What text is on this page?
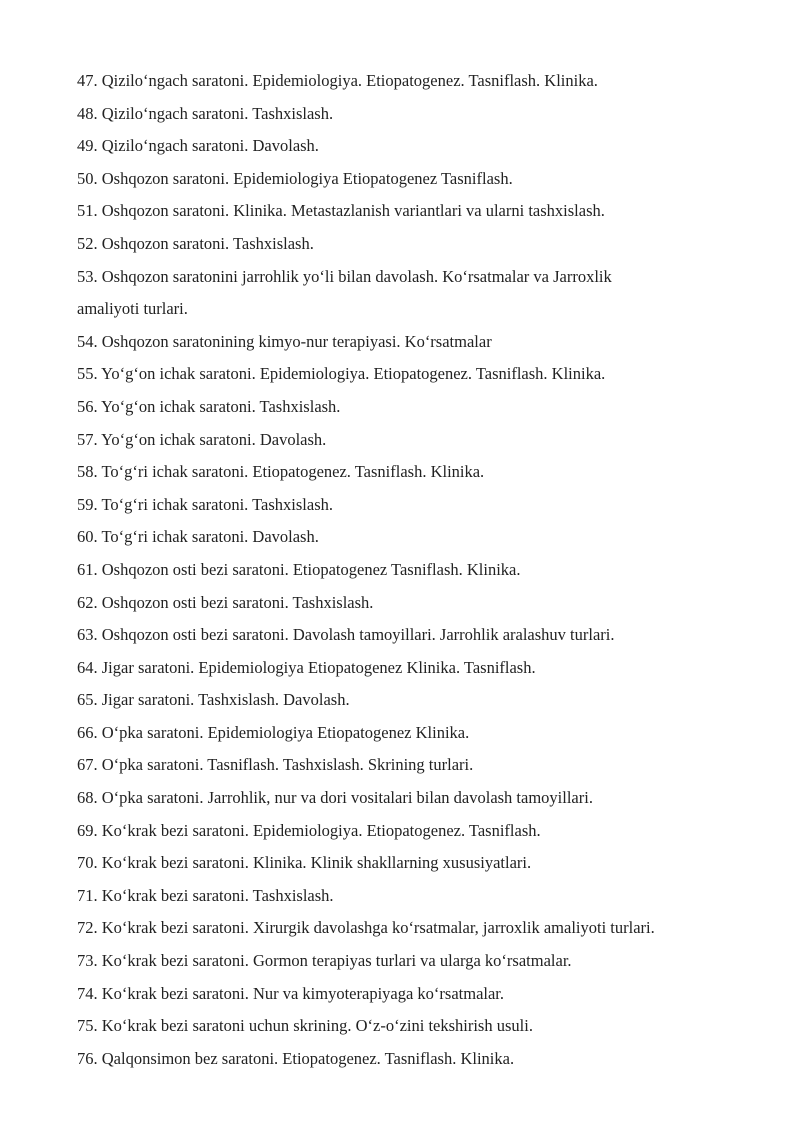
47. Qizilo‘ngach saratoni. Epidemiologiya. Etiopatogenez. Tasniflash. Klinika.
48. Qizilo‘ngach saratoni. Tashxislash.
49. Qizilo‘ngach saratoni. Davolash.
50. Oshqozon saratoni. Epidemiologiya Etiopatogenez Tasniflash.
51. Oshqozon saratoni. Klinika. Metastazlanish variantlari va ularni tashxislash.
52. Oshqozon saratoni. Tashxislash.
53. Oshqozon saratonini jarrohlik yo‘li bilan davolash. Ko‘rsatmalar va Jarroxlik
amaliyoti turlari.
54. Oshqozon saratonining kimyo-nur terapiyasi. Ko‘rsatmalar
55. Yo‘g‘on ichak saratoni. Epidemiologiya. Etiopatogenez. Tasniflash. Klinika.
56. Yo‘g‘on ichak saratoni. Tashxislash.
57. Yo‘g‘on ichak saratoni. Davolash.
58. To‘g‘ri ichak saratoni. Etiopatogenez. Tasniflash. Klinika.
59. To‘g‘ri ichak saratoni. Tashxislash.
60. To‘g‘ri ichak saratoni. Davolash.
61. Oshqozon osti bezi saratoni. Etiopatogenez Tasniflash. Klinika.
62. Oshqozon osti bezi saratoni. Tashxislash.
63. Oshqozon osti bezi saratoni. Davolash tamoyillari. Jarrohlik aralashuv turlari.
64. Jigar saratoni. Epidemiologiya Etiopatogenez Klinika. Tasniflash.
65. Jigar saratoni. Tashxislash. Davolash.
66. O‘pka saratoni. Epidemiologiya Etiopatogenez Klinika.
67. O‘pka saratoni. Tasniflash. Tashxislash. Skrining turlari.
68. O‘pka saratoni. Jarrohlik, nur va dori vositalari bilan davolash tamoyillari.
69. Ko‘krak bezi saratoni. Epidemiologiya. Etiopatogenez. Tasniflash.
70. Ko‘krak bezi saratoni. Klinika. Klinik shakllarning xususiyatlari.
71. Ko‘krak bezi saratoni. Tashxislash.
72. Ko‘krak bezi saratoni. Xirurgik davolashga ko‘rsatmalar, jarroxlik amaliyoti turlari.
73. Ko‘krak bezi saratoni. Gormon terapiyas turlari va ularga ko‘rsatmalar.
74. Ko‘krak bezi saratoni. Nur va kimyoterapiyaga ko‘rsatmalar.
75. Ko‘krak bezi saratoni uchun skrining. O‘z-o‘zini tekshirish usuli.
76. Qalqonsimon bez saratoni. Etiopatogenez. Tasniflash. Klinika.
